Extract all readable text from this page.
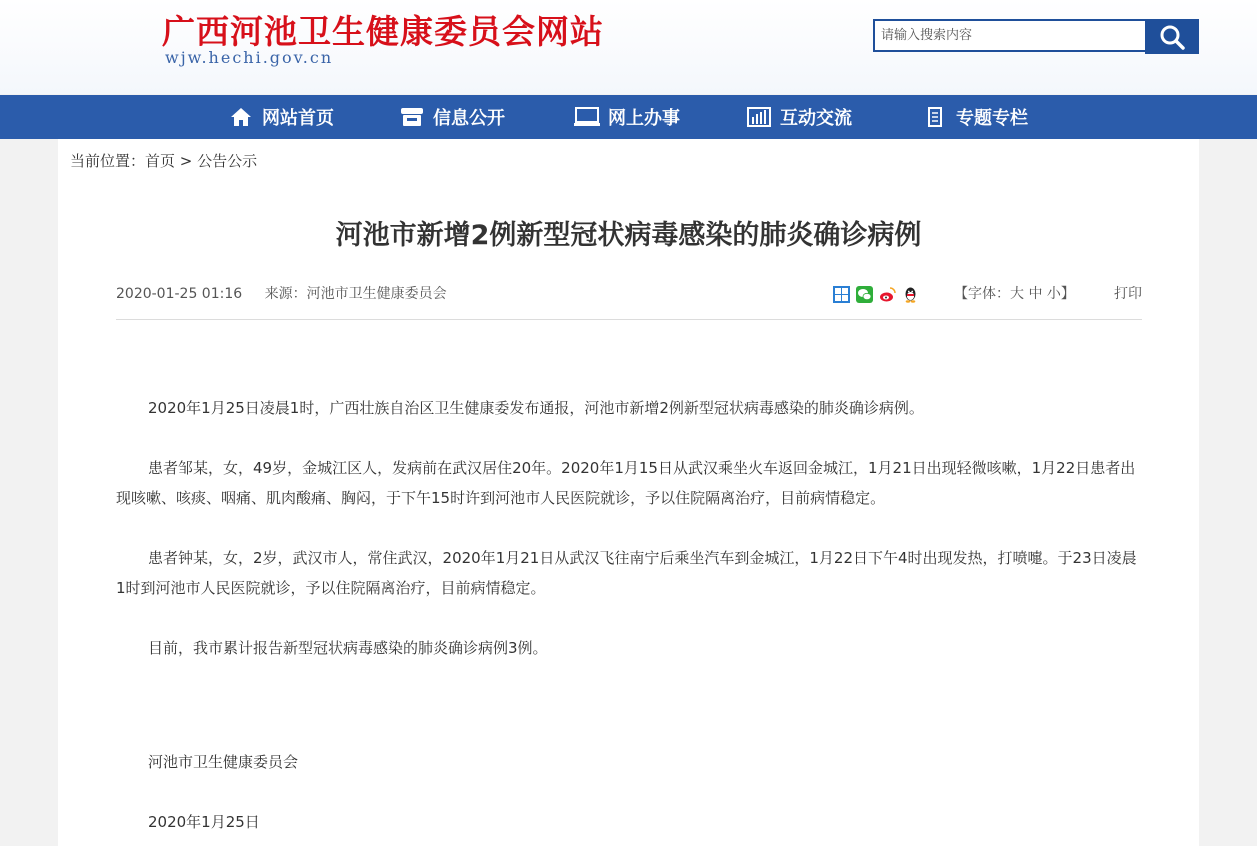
广西河池卫生健康委员会网站
wjw.hechi.gov.cn
请输入搜索内容
网站首页	信息公开	网上办事	互动交流	专题专栏
当前位置：首页 > 公告公示
河池市新增2例新型冠状病毒感染的肺炎确诊病例
2020-01-25 01:16 来源：河池市卫生健康委员会	【字体：大 中 小】	打印

2020年1月25日凌晨1时，广西壮族自治区卫生健康委发布通报，河池市新增2例新型冠状病毒感染的肺炎确诊病例。

患者邹某，女，49岁，金城江区人，发病前在武汉居住20年。2020年1月15日从武汉乘坐火车返回金城江，1月21日出现轻微咳嗽，1月22日患者出现咳嗽、咳痰、咽痛、肌肉酸痛、胸闷，于下午15时许到河池市人民医院就诊，予以住院隔离治疗，目前病情稳定。

患者钟某，女，2岁，武汉市人，常住武汉，2020年1月21日从武汉飞往南宁后乘坐汽车到金城江，1月22日下午4时出现发热，打喷嚏。于23日凌晨1时到河池市人民医院就诊，予以住院隔离治疗，目前病情稳定。

目前，我市累计报告新型冠状病毒感染的肺炎确诊病例3例。

河池市卫生健康委员会
2020年1月25日
